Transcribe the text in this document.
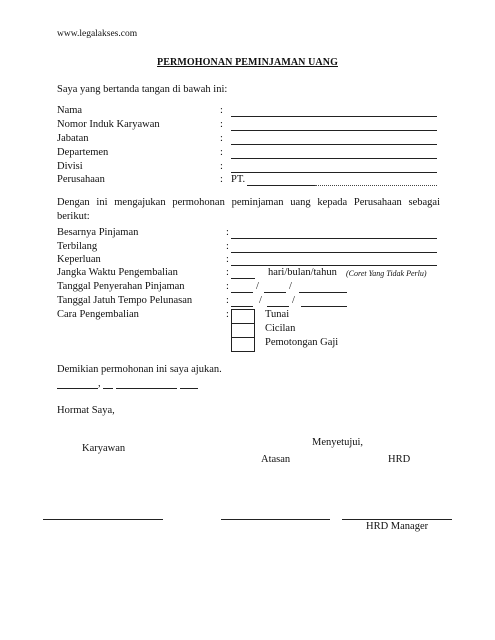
www.legalakses.com
PERMOHONAN PEMINJAMAN UANG
Saya yang bertanda tangan di bawah ini:
Nama	:
Nomor Induk Karyawan	:
Jabatan	:
Departemen	:
Divisi	:
Perusahaan	: PT.
Dengan ini mengajukan permohonan peminjaman uang kepada Perusahaan sebagai berikut:
Besarnya Pinjaman	:
Terbilang	:
Keperluan	:
Jangka Waktu Pengembalian	:	hari/bulan/tahun (Coret Yang Tidak Perlu)
Tanggal Penyerahan Pinjaman	:	/	/
Tanggal Jatuh Tempo Pelunasan	:	/	/
Cara Pengembalian	:	Tunai
Cicilan
Pemotongan Gaji
Demikian permohonan ini saya ajukan.
,
Hormat Saya,
Menyetujui,
Karyawan
Atasan	HRD
HRD Manager
